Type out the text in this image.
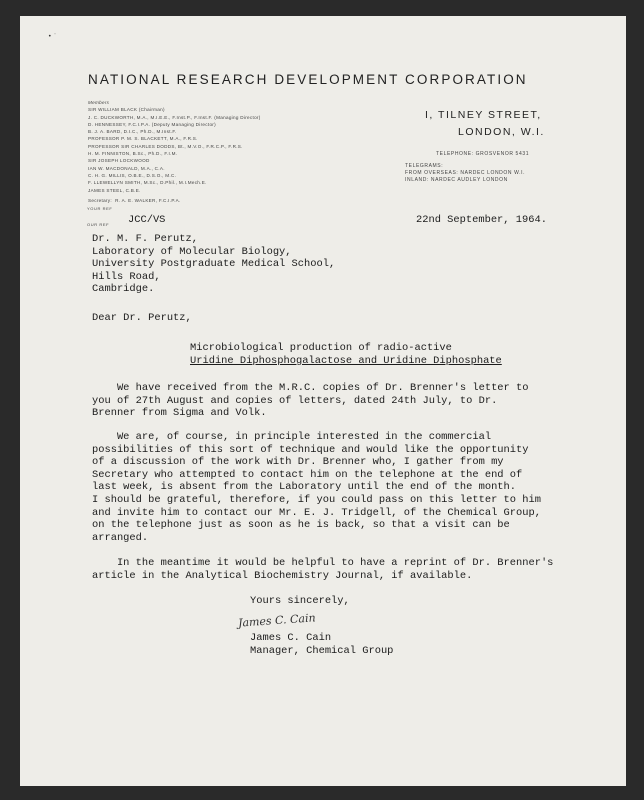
• ˙
NATIONAL RESEARCH DEVELOPMENT CORPORATION
Members
SIR WILLIAM BLACK (Chairman)
J. C. DUCKWORTH, M.A., M.I.E.E., F.Inst.P., F.Inst.F. (Managing Director)
D. HENNESSEY, F.C.I.P.A. (Deputy Managing Director)
B. J. A. BARD, D.I.C., Ph.D., M.Inst.F.
PROFESSOR P. M. S. BLACKETT, M.A., F.R.S.
PROFESSOR SIR CHARLES DODDS, Bt., M.V.O., F.R.C.P., F.R.S.
H. M. FINNISTON, B.Sc., Ph.D., F.I.M.
SIR JOSEPH LOCKWOOD
IAN W. MACDONALD, M.A., C.A.
C. H. G. MILLIS, O.B.E., D.S.O., M.C.
F. LLEWELLYN SMITH, M.Sc., D.Phil., M.I.Mech.E.
JAMES STEEL, C.B.E.
Secretary:  R. A. E. WALKER, F.C.I.P.A.
I, TILNEY STREET,
LONDON, W.I.
TELEPHONE: GROSVENOR 5431
TELEGRAMS:
FROM OVERSEAS: NARDEC LONDON W.I.
INLAND: NARDEC AUDLEY LONDON
YOUR REF
OUR REF JCC/VS	22nd September, 1964.
Dr. M. F. Perutz,
Laboratory of Molecular Biology,
University Postgraduate Medical School,
Hills Road,
Cambridge.
Dear Dr. Perutz,
Microbiological production of radio-active
Uridine Diphosphogalactose and Uridine Diphosphate
We have received from the M.R.C. copies of Dr. Brenner's letter to
you of 27th August and copies of letters, dated 24th July, to Dr.
Brenner from Sigma and Volk.
We are, of course, in principle interested in the commercial
possibilities of this sort of technique and would like the opportunity
of a discussion of the work with Dr. Brenner who, I gather from my
Secretary who attempted to contact him on the telephone at the end of
last week, is absent from the Laboratory until the end of the month.
I should be grateful, therefore, if you could pass on this letter to him
and invite him to contact our Mr. E. J. Tridgell, of the Chemical Group,
on the telephone just as soon as he is back, so that a visit can be
arranged.
In the meantime it would be helpful to have a reprint of Dr. Brenner's
article in the Analytical Biochemistry Journal, if available.
Yours sincerely,
James C. Cain
James C. Cain
Manager, Chemical Group
